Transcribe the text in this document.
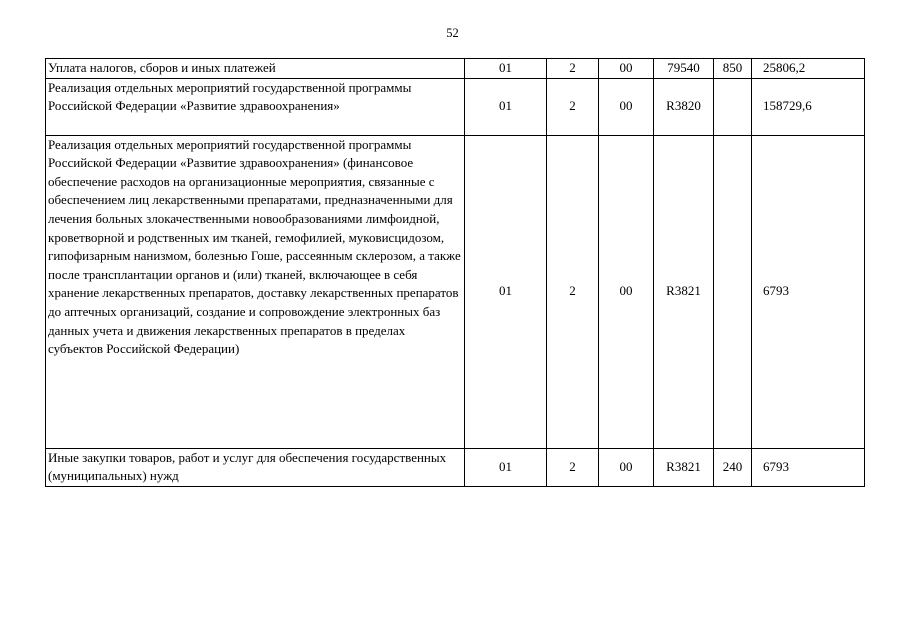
52
Уплата налогов, сборов и иных платежей	01	2	00	79540	850	25806,2
Реализация отдельных мероприятий государственной программы Российской Федерации «Развитие здравоохранения»	01	2	00	R3820		158729,6
Реализация отдельных мероприятий государственной программы Российской Федерации «Развитие здравоохранения» (финансовое обеспечение расходов на организационные мероприятия, связанные с обеспечением лиц лекарственными препаратами, предназначенными для лечения больных злокачественными новообразованиями лимфоидной, кроветворной и родственных им тканей, гемофилией, муковисцидозом, гипофизарным нанизмом, болезнью Гоше, рассеянным склерозом, а также после трансплантации органов и (или) тканей, включающее в себя хранение лекарственных препаратов, доставку лекарственных препаратов до аптечных организаций, создание и сопровождение электронных баз данных учета и движения лекарственных препаратов в пределах субъектов Российской Федерации)	01	2	00	R3821		6793
Иные закупки товаров, работ и услуг для обеспечения государственных (муниципальных) нужд	01	2	00	R3821	240	6793
